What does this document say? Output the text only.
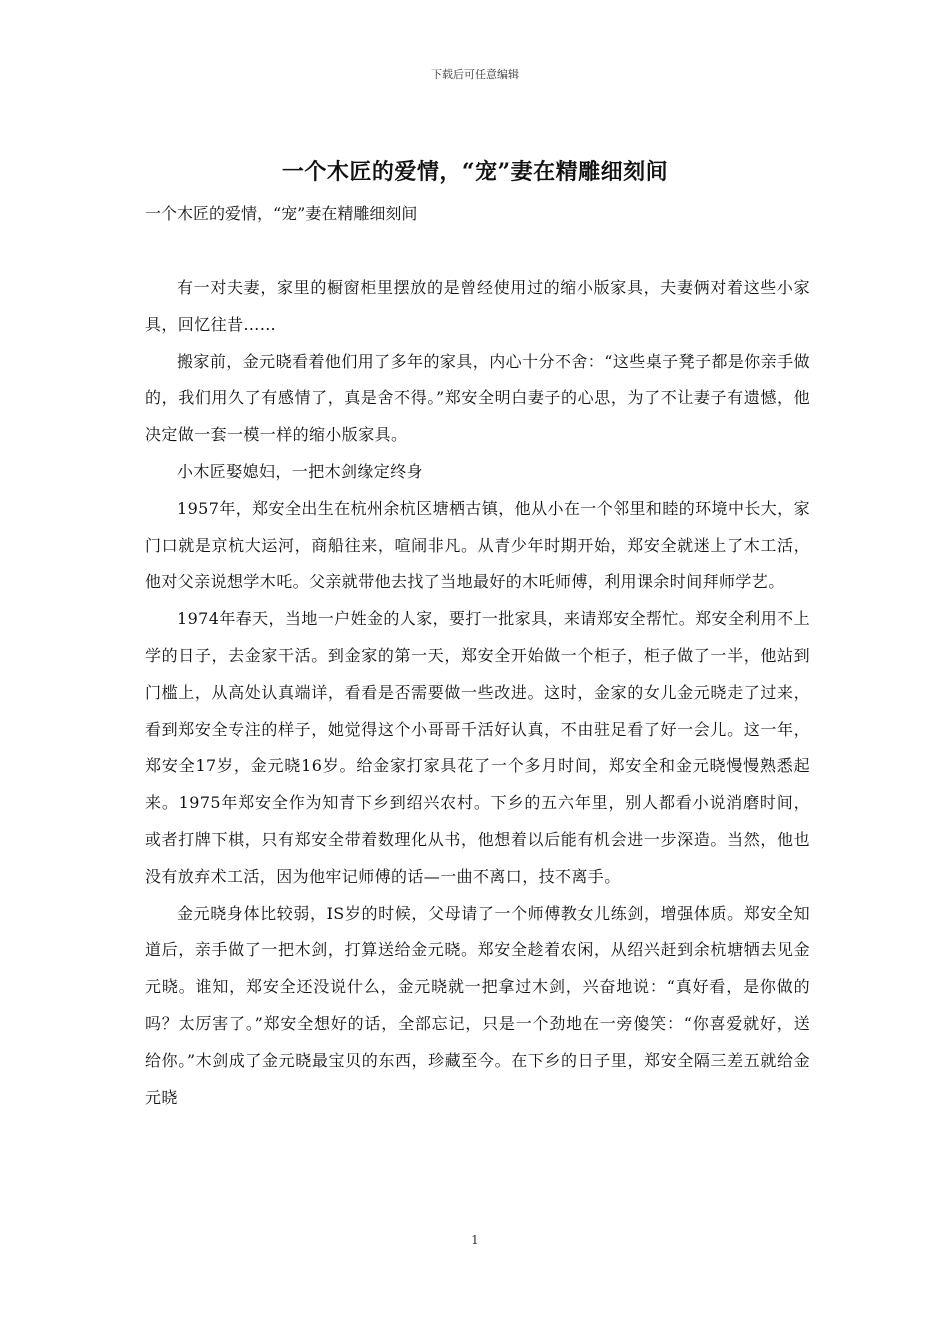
下载后可任意编辑
一个木匠的爱情，“宠”妻在精雕细刻间
一个木匠的爱情，“宠”妻在精雕细刻间

有一对夫妻，家里的橱窗柜里摆放的是曾经使用过的缩小版家具，夫妻俩对着这些小家具，回忆往昔……

搬家前，金元晓看着他们用了多年的家具，内心十分不舍：“这些桌子凳子都是你亲手做的，我们用久了有感情了，真是舍不得。”郑安全明白妻子的心思，为了不让妻子有遗憾，他决定做一套一模一样的缩小版家具。

小木匠娶媳妇，一把木剑缘定终身

1957年，郑安全出生在杭州余杭区塘栖古镇，他从小在一个邻里和睦的环境中长大，家门口就是京杭大运河，商船往来，喧闹非凡。从青少年时期开始，郑安全就迷上了木工活，他对父亲说想学木吒。父亲就带他去找了当地最好的木吒师傅，利用课余时间拜师学艺。

1974年春天，当地一户姓金的人家，要打一批家具，来请郑安全帮忙。郑安全利用不上学的日子，去金家干活。到金家的第一天，郑安全开始做一个柜子，柜子做了一半，他站到门槛上，从高处认真端详，看看是否需要做一些改进。这时，金家的女儿金元晓走了过来，看到郑安全专注的样子，她觉得这个小哥哥千活好认真，不由驻足看了好一会儿。这一年，郑安全17岁，金元晓16岁。给金家打家具花了一个多月时间，郑安全和金元晓慢慢熟悉起来。1975年郑安全作为知青下乡到绍兴农村。下乡的五六年里，别人都看小说消磨时间，或者打牌下棋，只有郑安全带着数理化从书，他想着以后能有机会进一步深造。当然，他也没有放弃术工活，因为他牢记师傅的话—一曲不离口，技不离手。

金元晓身体比较弱，IS岁的时候，父母请了一个师傅教女儿练剑，增强体质。郑安全知道后，亲手做了一把木剑，打算送给金元晓。郑安全趁着农闲，从绍兴赶到余杭塘牺去见金元晓。谁知，郑安全还没说什么，金元晓就一把拿过木剑，兴奋地说：“真好看，是你做的吗？太厉害了。”郑安全想好的话，全部忘记，只是一个劲地在一旁傻笑：“你喜爱就好，送给你。”木剑成了金元晓最宝贝的东西，珍藏至今。在下乡的日子里，郑安全隔三差五就给金元晓

1
